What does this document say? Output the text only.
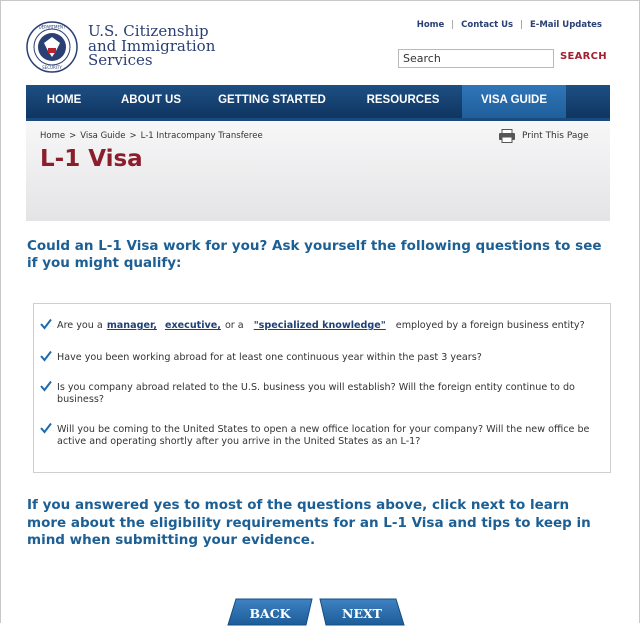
DEPARTMENT
SECURITY
U.S. Citizenship
and Immigration
Services
Home | Contact Us | E-Mail Updates
Search
SEARCH
HOME	ABOUT US	GETTING STARTED	RESOURCES	VISA GUIDE
Home > Visa Guide > L-1 Intracompany Transferee	Print This Page
L-1 Visa
Could an L-1 Visa work for you? Ask yourself the following questions to see if you might qualify:
Are you a manager, executive, or a "specialized knowledge" employed by a foreign business entity?
Have you been working abroad for at least one continuous year within the past 3 years?
Is you company abroad related to the U.S. business you will establish? Will the foreign entity continue to do business?
Will you be coming to the United States to open a new office location for your company? Will the new office be active and operating shortly after you arrive in the United States as an L-1?
If you answered yes to most of the questions above, click next to learn more about the eligibility requirements for an L-1 Visa and tips to keep in mind when submitting your evidence.
BACK	NEXT
